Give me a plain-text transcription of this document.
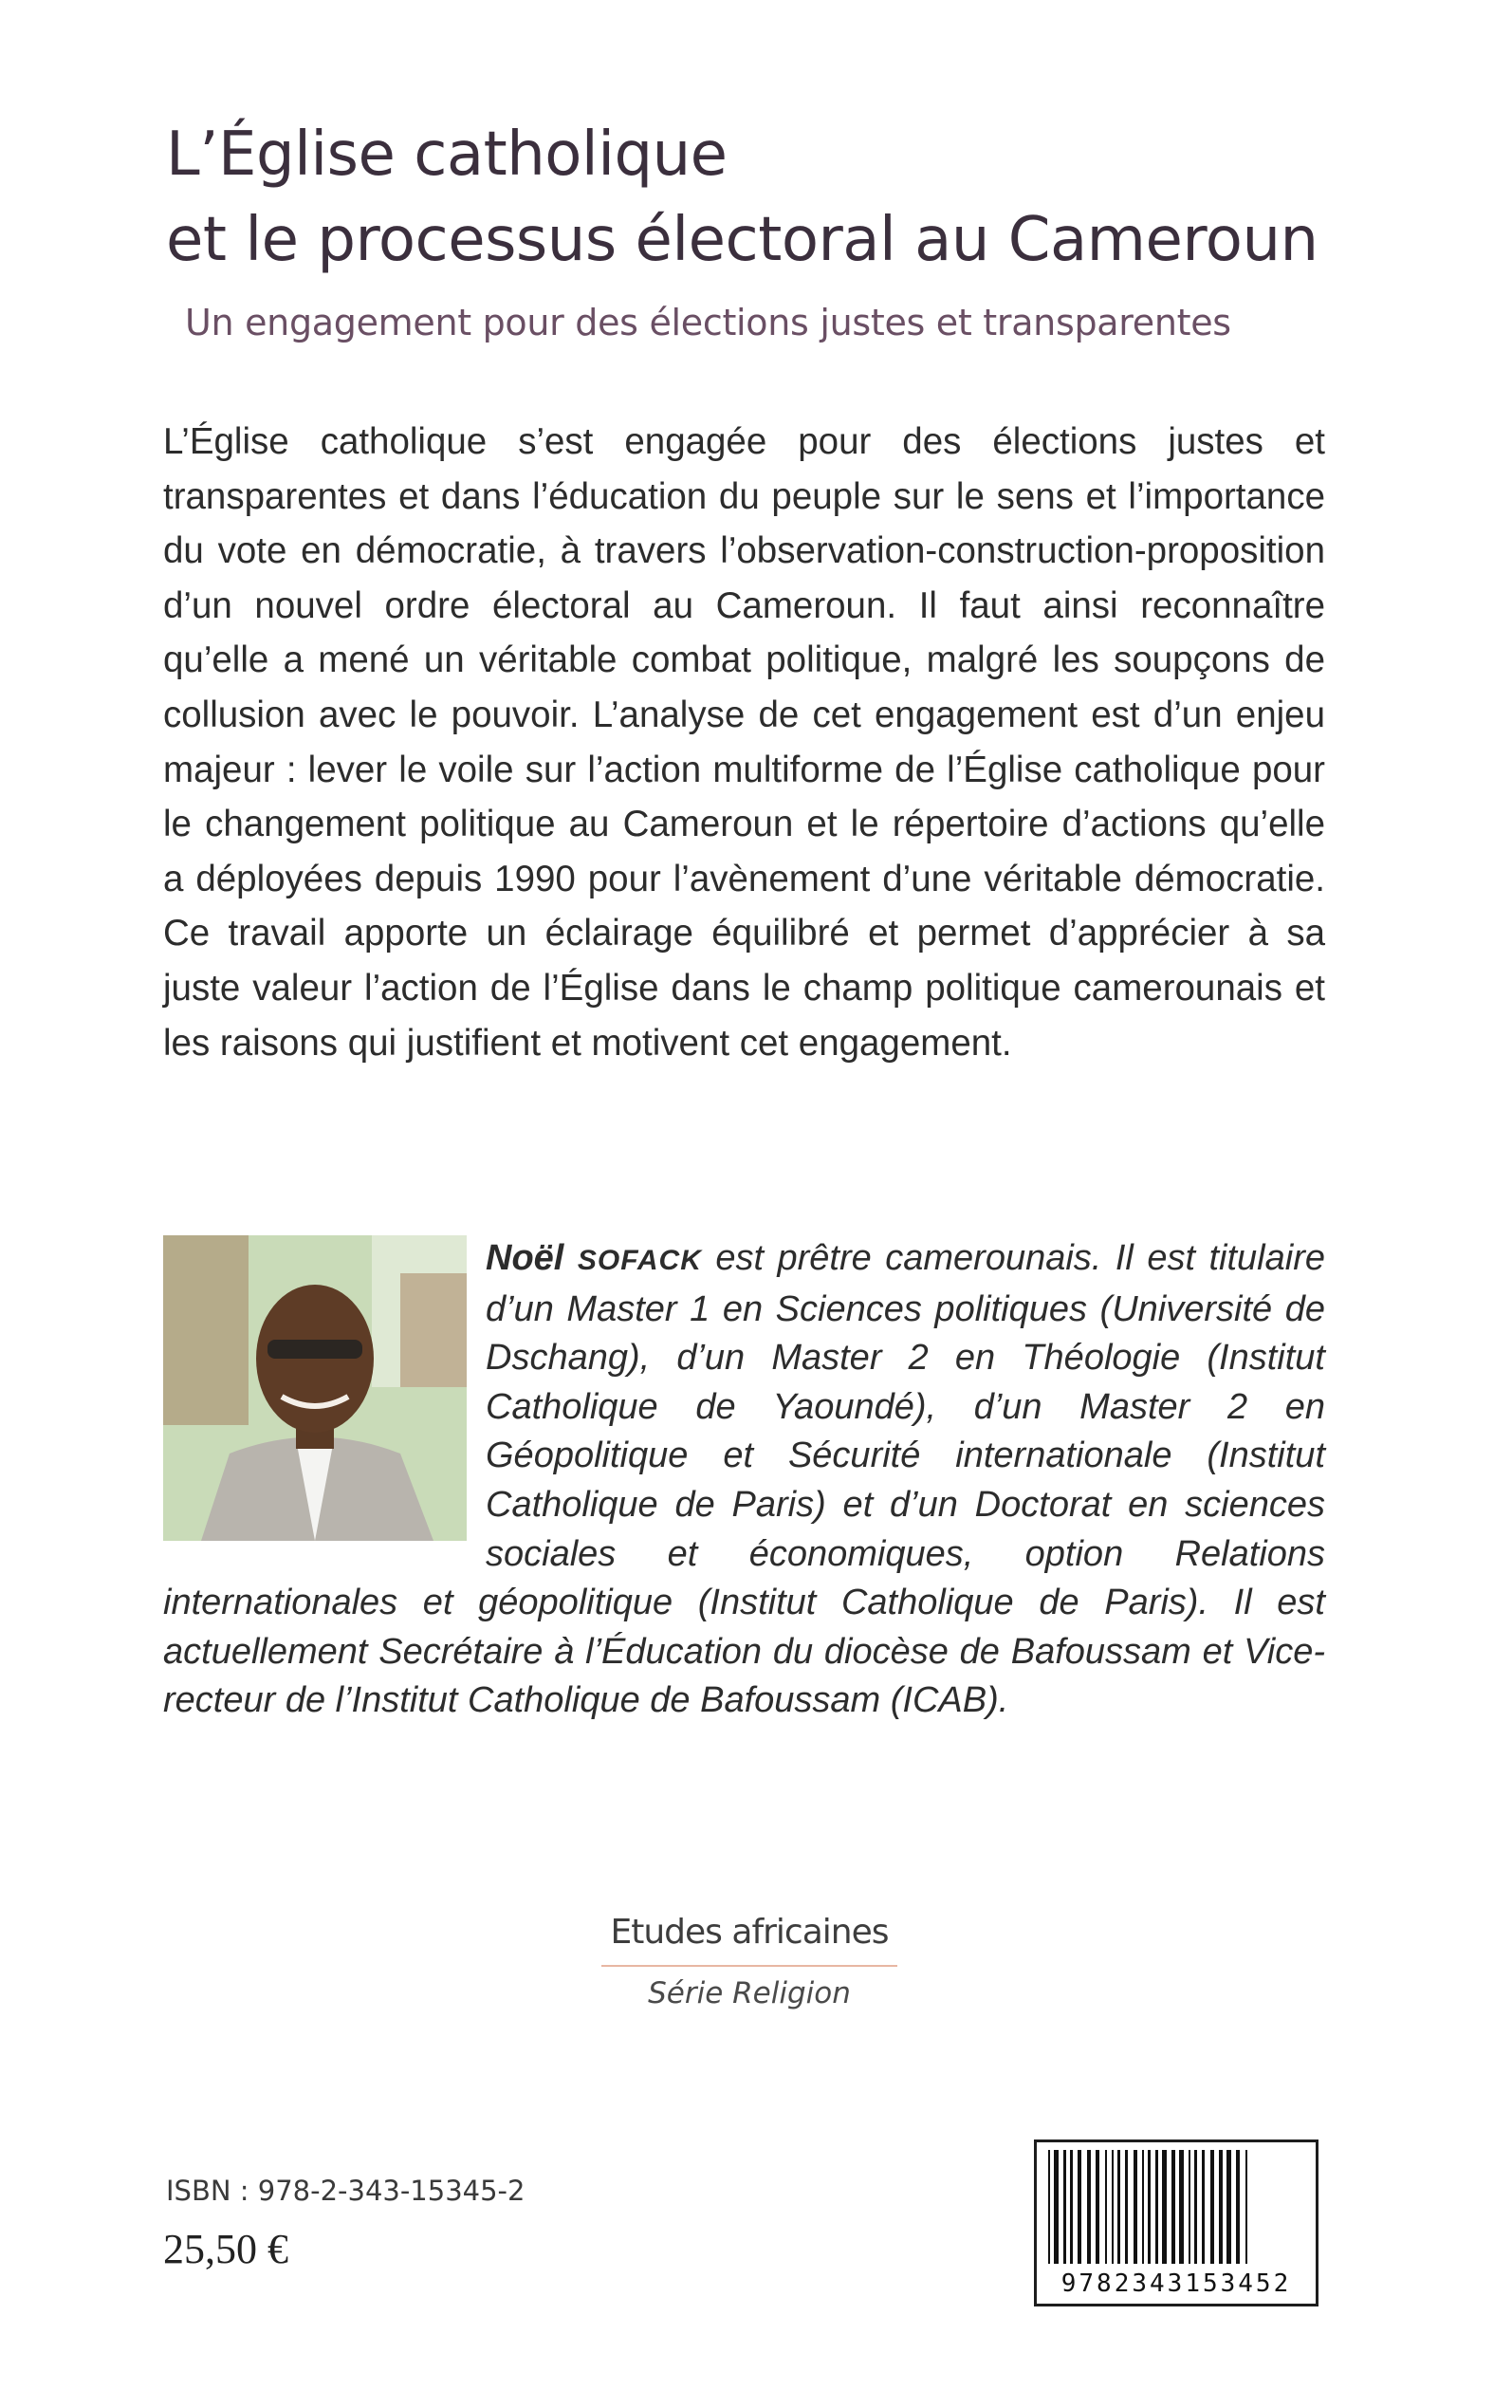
L’Église catholique
et le processus électoral au Cameroun

Un engagement pour des élections justes et transparentes

L’Église catholique s’est engagée pour des élections justes et transparentes et dans l’éducation du peuple sur le sens et l’importance du vote en démocratie, à travers l’observation-construction-proposition d’un nouvel ordre électoral au Cameroun. Il faut ainsi reconnaître qu’elle a mené un véritable combat politique, malgré les soupçons de collusion avec le pouvoir. L’analyse de cet engagement est d’un enjeu majeur : lever le voile sur l’action multiforme de l’Église catholique pour le changement politique au Cameroun et le répertoire d’actions qu’elle a déployées depuis 1990 pour l’avènement d’une véritable démocratie. Ce travail apporte un éclairage équilibré et permet d’apprécier à sa juste valeur l’action de l’Église dans le champ politique camerounais et les raisons qui justifient et motivent cet engagement.

Noël SOFACK est prêtre camerounais. Il est titulaire d’un Master 1 en Sciences politiques (Université de Dschang), d’un Master 2 en Théologie (Institut Catholique de Yaoundé), d’un Master 2 en Géopolitique et Sécurité internationale (Institut Catholique de Paris) et d’un Doctorat en sciences sociales et économiques, option Relations internationales et géopolitique (Institut Catholique de Paris). Il est actuellement Secrétaire à l’Éducation du diocèse de Bafoussam et Vice-recteur de l’Institut Catholique de Bafoussam (ICAB).
Etudes africaines
Série Religion
ISBN : 978-2-343-15345-2
25,50 €
9782343153452
